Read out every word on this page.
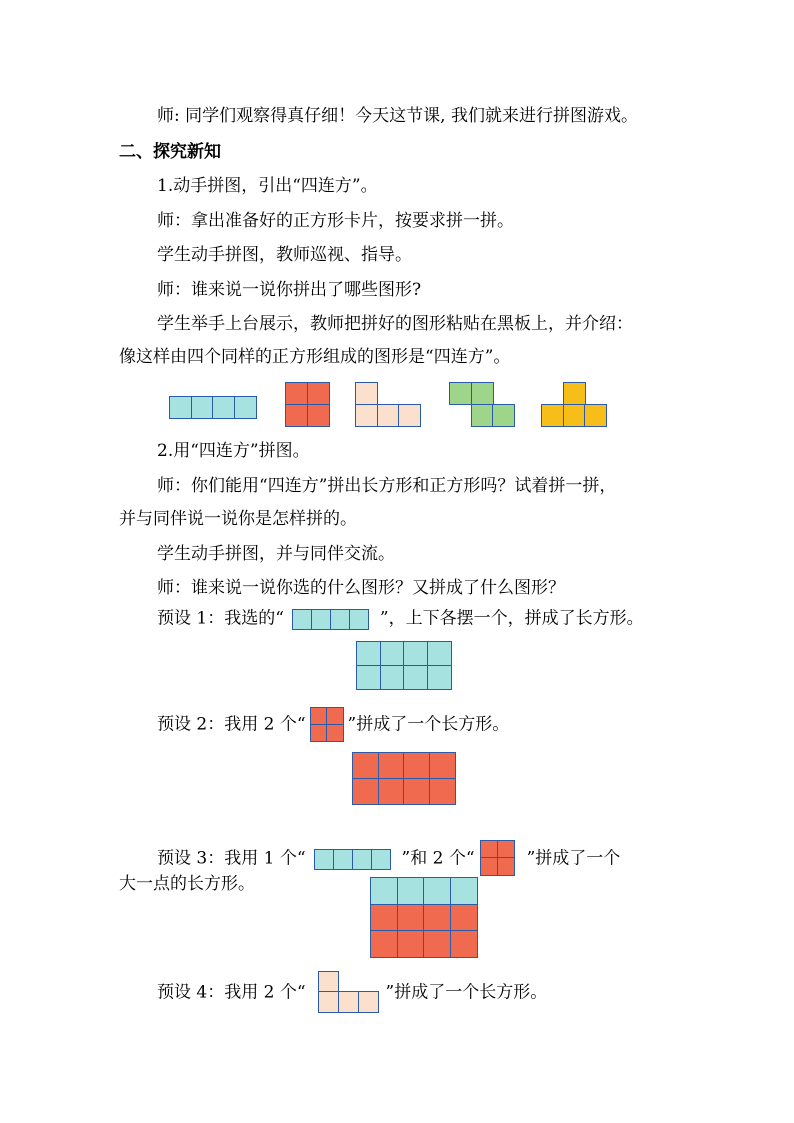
师: 同学们观察得真仔细！今天这节课, 我们就来进行拼图游戏。
二、探究新知
1.动手拼图，引出“四连方”。
师：拿出准备好的正方形卡片，按要求拼一拼。
学生动手拼图，教师巡视、指导。
师：谁来说一说你拼出了哪些图形?
学生举手上台展示，教师把拼好的图形粘贴在黑板上，并介绍：
像这样由四个同样的正方形组成的图形是“四连方”。
2.用“四连方”拼图。
师：你们能用“四连方”拼出长方形和正方形吗？试着拼一拼，
并与同伴说一说你是怎样拼的。
学生动手拼图，并与同伴交流。
师：谁来说一说你选的什么图形？又拼成了什么图形？
预设 1：我选的“	”，上下各摆一个，拼成了长方形。
预设 2：我用 2 个“ ”拼成了一个长方形。
预设 3：我用 1 个“	”和 2 个“	”拼成了一个
大一点的长方形。
预设 4：我用 2 个“	”拼成了一个长方形。
